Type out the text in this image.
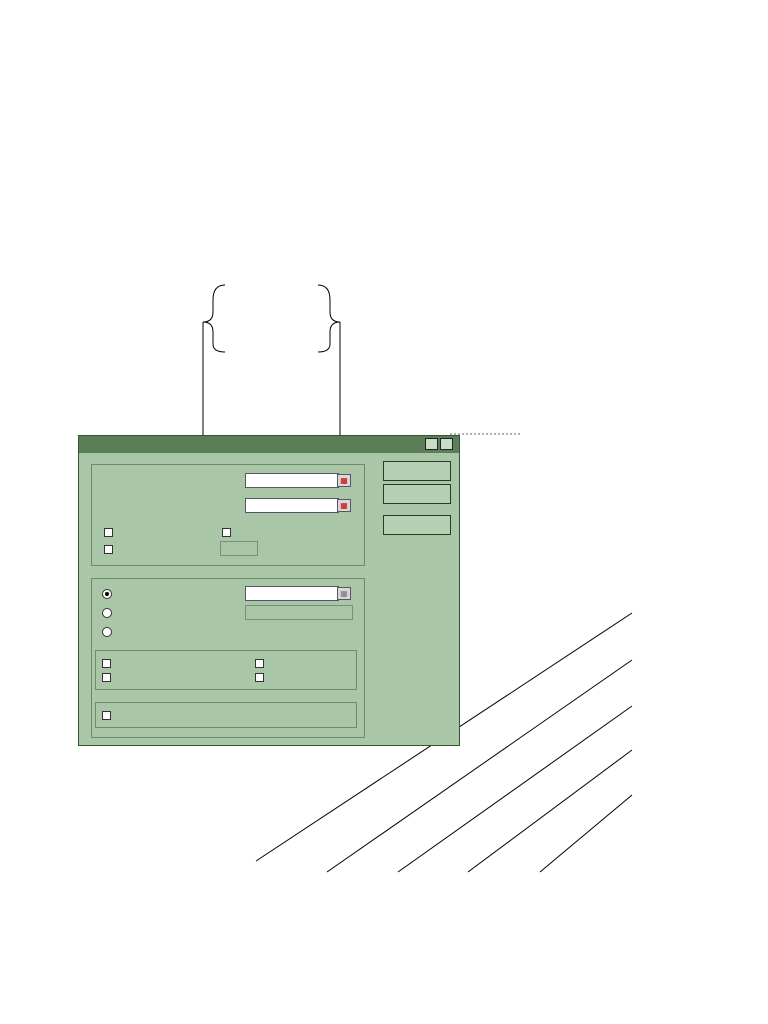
▦
▦
▦
